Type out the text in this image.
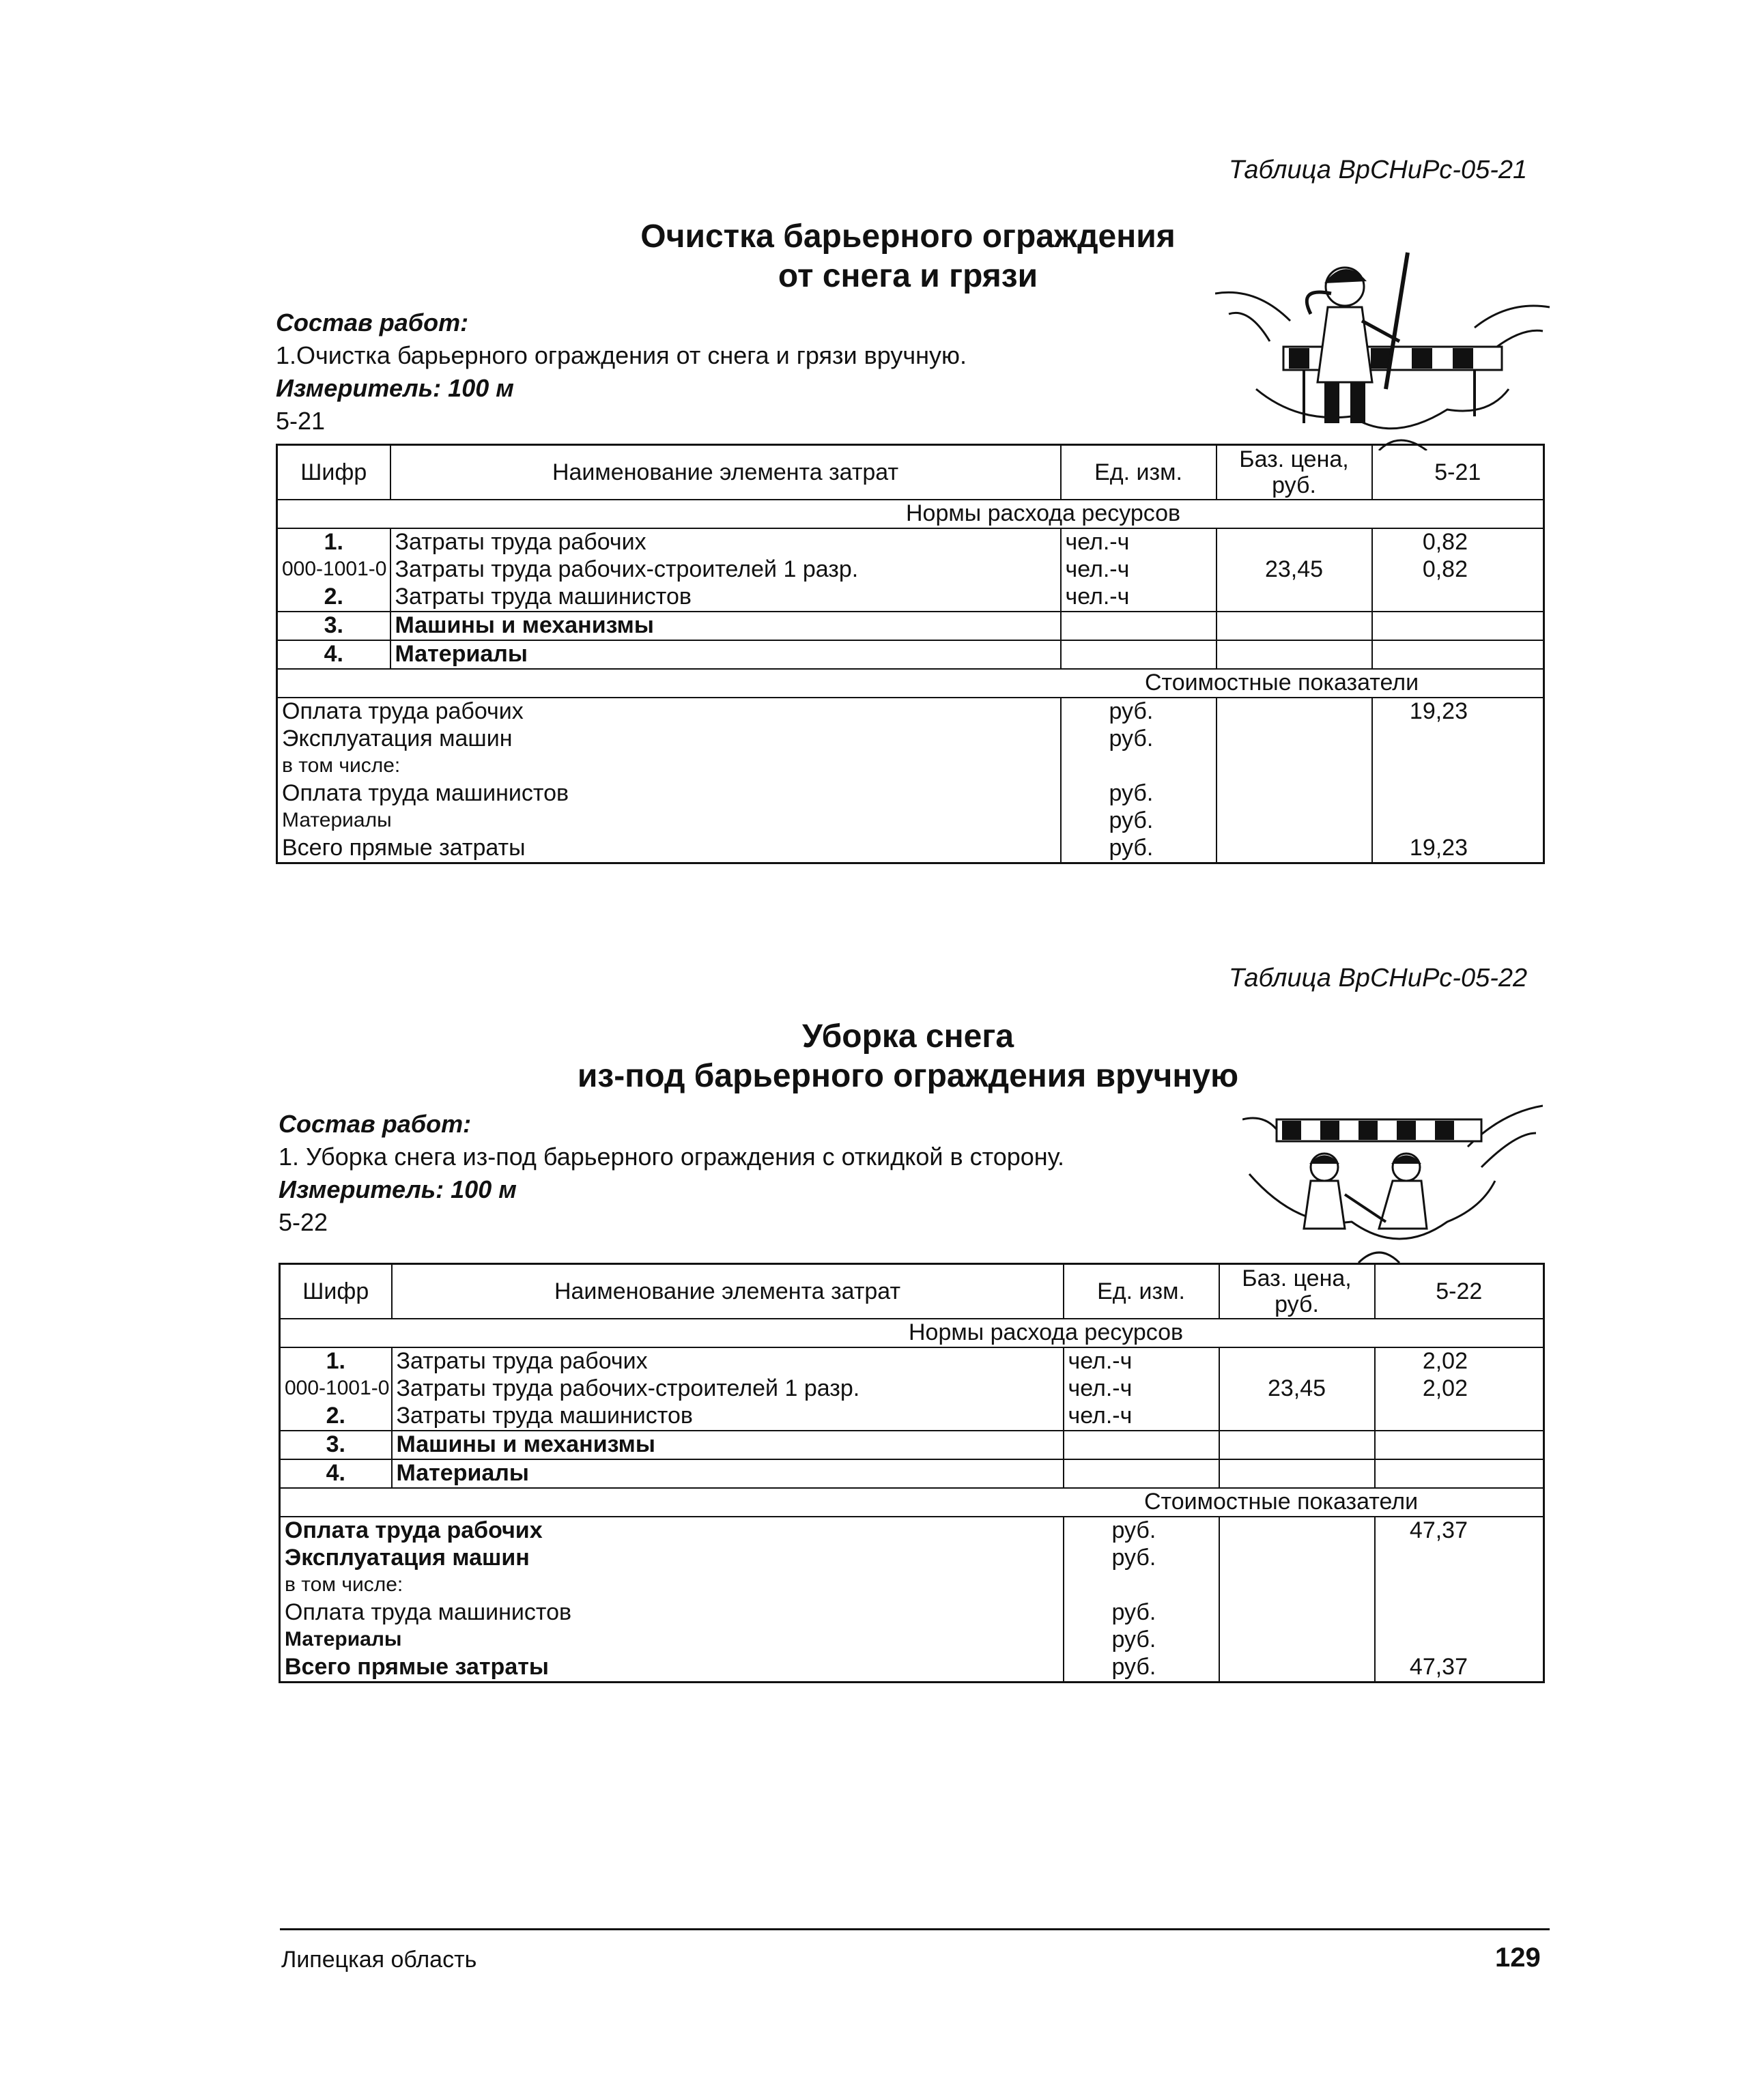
Таблица ВрСНиРс-05-21
Очистка барьерного ограждения
от снега и грязи
Состав работ:
1.Очистка барьерного ограждения от снега и грязи вручную.
Измеритель: 100 м
5-21
Шифр	Наименование элемента затрат	Ед. изм.	Баз. цена, руб.	5-21
Нормы расхода ресурсов				
1.	Затраты труда рабочих	чел.-ч		0,82
000-1001-0	Затраты труда рабочих-строителей 1 разр.	чел.-ч	23,45	0,82
2.	Затраты труда машинистов	чел.-ч		
3.	Машины и механизмы			
4.	Материалы			
Стоимостные показатели				
Оплата труда рабочих		руб.		19,23
Эксплуатация машин		руб.		
в том числе:				
Оплата труда машинистов		руб.		
Материалы		руб.		
Всего прямые затраты		руб.		19,23
Таблица ВрСНиРс-05-22
Уборка снега
из-под барьерного ограждения вручную
Состав работ:
1. Уборка снега из-под барьерного ограждения с откидкой в сторону.
Измеритель: 100 м
5-22
Шифр	Наименование элемента затрат	Ед. изм.	Баз. цена, руб.	5-22
Нормы расхода ресурсов				
1.	Затраты труда рабочих	чел.-ч		2,02
000-1001-0	Затраты труда рабочих-строителей 1 разр.	чел.-ч	23,45	2,02
2.	Затраты труда машинистов	чел.-ч		
3.	Машины и механизмы			
4.	Материалы			
Стоимостные показатели				
Оплата труда рабочих		руб.		47,37
Эксплуатация машин		руб.		
в том числе:				
Оплата труда машинистов		руб.		
Материалы		руб.		
Всего прямые затраты		руб.		47,37
Липецкая область	129
